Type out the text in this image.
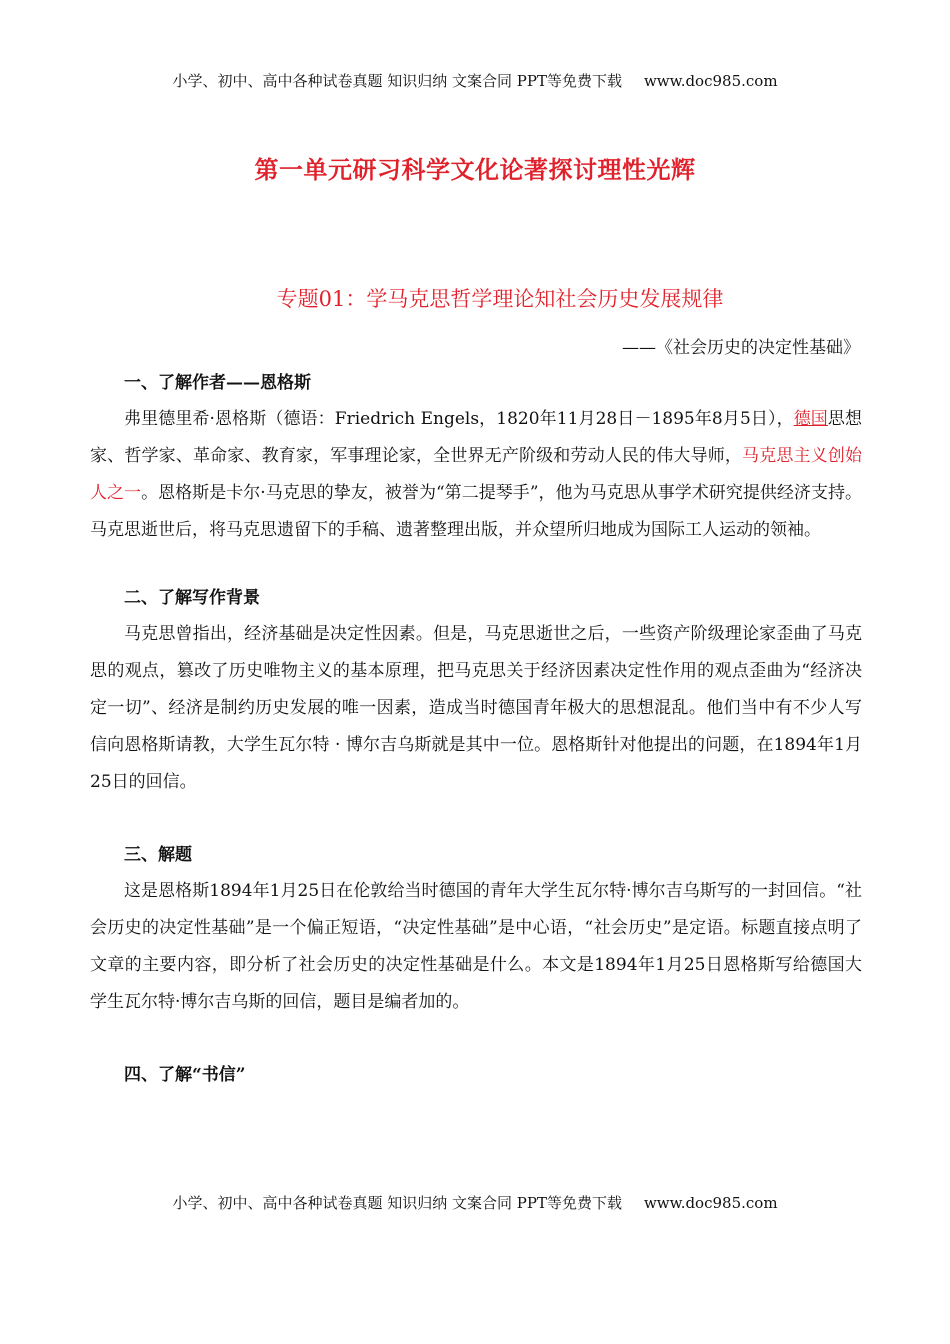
小学、初中、高中各种试卷真题 知识归纳 文案合同 PPT等免费下载 www.doc985.com
第一单元研习科学文化论著探讨理性光辉
专题01：学马克思哲学理论知社会历史发展规律
——《社会历史的决定性基础》
一、了解作者——恩格斯

弗里德里希·恩格斯（德语：Friedrich Engels，1820年11月28日－1895年8月5日），德国思想家、哲学家、革命家、教育家，军事理论家，全世界无产阶级和劳动人民的伟大导师，马克思主义创始人之一。恩格斯是卡尔·马克思的挚友，被誉为“第二提琴手”，他为马克思从事学术研究提供经济支持。马克思逝世后，将马克思遗留下的手稿、遗著整理出版，并众望所归地成为国际工人运动的领袖。

二、了解写作背景

马克思曾指出，经济基础是决定性因素。但是，马克思逝世之后，一些资产阶级理论家歪曲了马克思的观点，篡改了历史唯物主义的基本原理，把马克思关于经济因素决定性作用的观点歪曲为“经济决定一切”、经济是制约历史发展的唯一因素，造成当时德国青年极大的思想混乱。他们当中有不少人写信向恩格斯请教，大学生瓦尔特 · 博尔吉乌斯就是其中一位。恩格斯针对他提出的问题，在1894年1月25日的回信。

三、解题

这是恩格斯1894年1月25日在伦敦给当时德国的青年大学生瓦尔特·博尔吉乌斯写的一封回信。“社会历史的决定性基础”是一个偏正短语，“决定性基础”是中心语，“社会历史”是定语。标题直接点明了文章的主要内容，即分析了社会历史的决定性基础是什么。本文是1894年1月25日恩格斯写给德国大学生瓦尔特·博尔吉乌斯的回信，题目是编者加的。

四、了解“书信”
小学、初中、高中各种试卷真题 知识归纳 文案合同 PPT等免费下载 www.doc985.com
